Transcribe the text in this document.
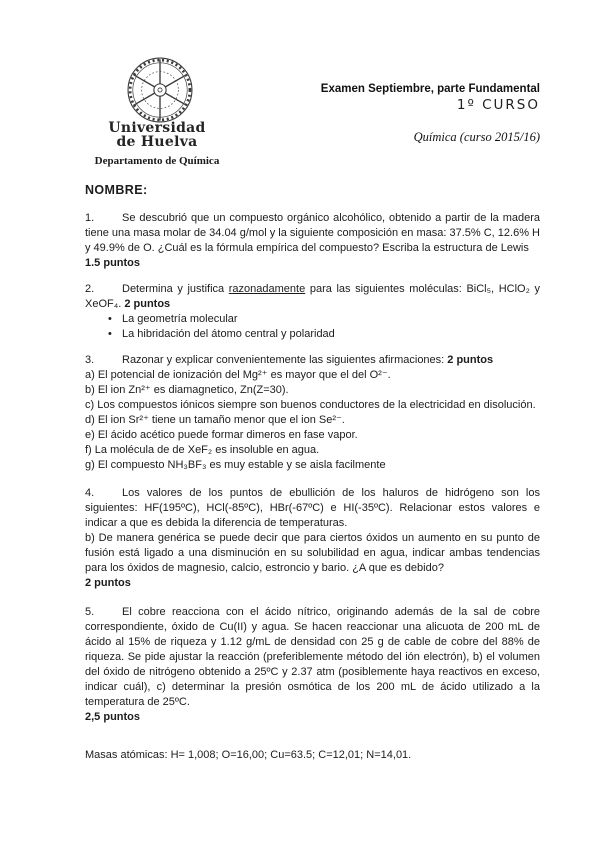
Universidad
de Huelva
Departamento de Química
Examen Septiembre, parte Fundamental
1º CURSO
Química (curso 2015/16)
NOMBRE:
1.	Se descubrió que un compuesto orgánico alcohólico, obtenido a partir de la madera tiene una masa molar de 34.04 g/mol y la siguiente composición en masa: 37.5% C, 12.6% H y 49.9% de O. ¿Cuál es la fórmula empírica del compuesto? Escriba la estructura de Lewis
1.5 puntos
2.	Determina y justifica razonadamente para las siguientes moléculas: BiCl₅, HClO₂ y XeOF₄. 2 puntos
• La geometría molecular
• La hibridación del átomo central y polaridad
3.	Razonar y explicar convenientemente las siguientes afirmaciones: 2 puntos
a) El potencial de ionización del Mg²⁺ es mayor que el del O²⁻.
b) El ion Zn²⁺ es diamagnetico, Zn(Z=30).
c) Los compuestos iónicos siempre son buenos conductores de la electricidad en disolución.
d) El ion Sr²⁺ tiene un tamaño menor que el ion Se²⁻.
e) El ácido acético puede formar dimeros en fase vapor.
f) La molécula de de XeF₂ es insoluble en agua.
g) El compuesto NH₃BF₃ es muy estable y se aisla facilmente
4.	Los valores de los puntos de ebullición de los haluros de hidrógeno son los siguientes: HF(195ºC), HCl(-85ºC), HBr(-67ºC) e HI(-35ºC). Relacionar estos valores e indicar a que es debida la diferencia de temperaturas.
b) De manera genérica se puede decir que para ciertos óxidos un aumento en su punto de fusión está ligado a una disminución en su solubilidad en agua, indicar ambas tendencias para los óxidos de magnesio, calcio, estroncio y bario. ¿A que es debido?
2 puntos
5.	El cobre reacciona con el ácido nítrico, originando además de la sal de cobre correspondiente, óxido de Cu(II) y agua. Se hacen reaccionar una alicuota de 200 mL de ácido al 15% de riqueza y 1.12 g/mL de densidad con 25 g de cable de cobre del 88% de riqueza. Se pide ajustar la reacción (preferiblemente método del ión electrón), b) el volumen del óxido de nitrógeno obtenido a 25ºC y 2.37 atm (posiblemente haya reactivos en exceso, indicar cuál), c) determinar la presión osmótica de los 200 mL de ácido utilizado a la temperatura de 25ºC.
2,5 puntos
Masas atómicas: H= 1,008; O=16,00; Cu=63.5; C=12,01; N=14,01.
